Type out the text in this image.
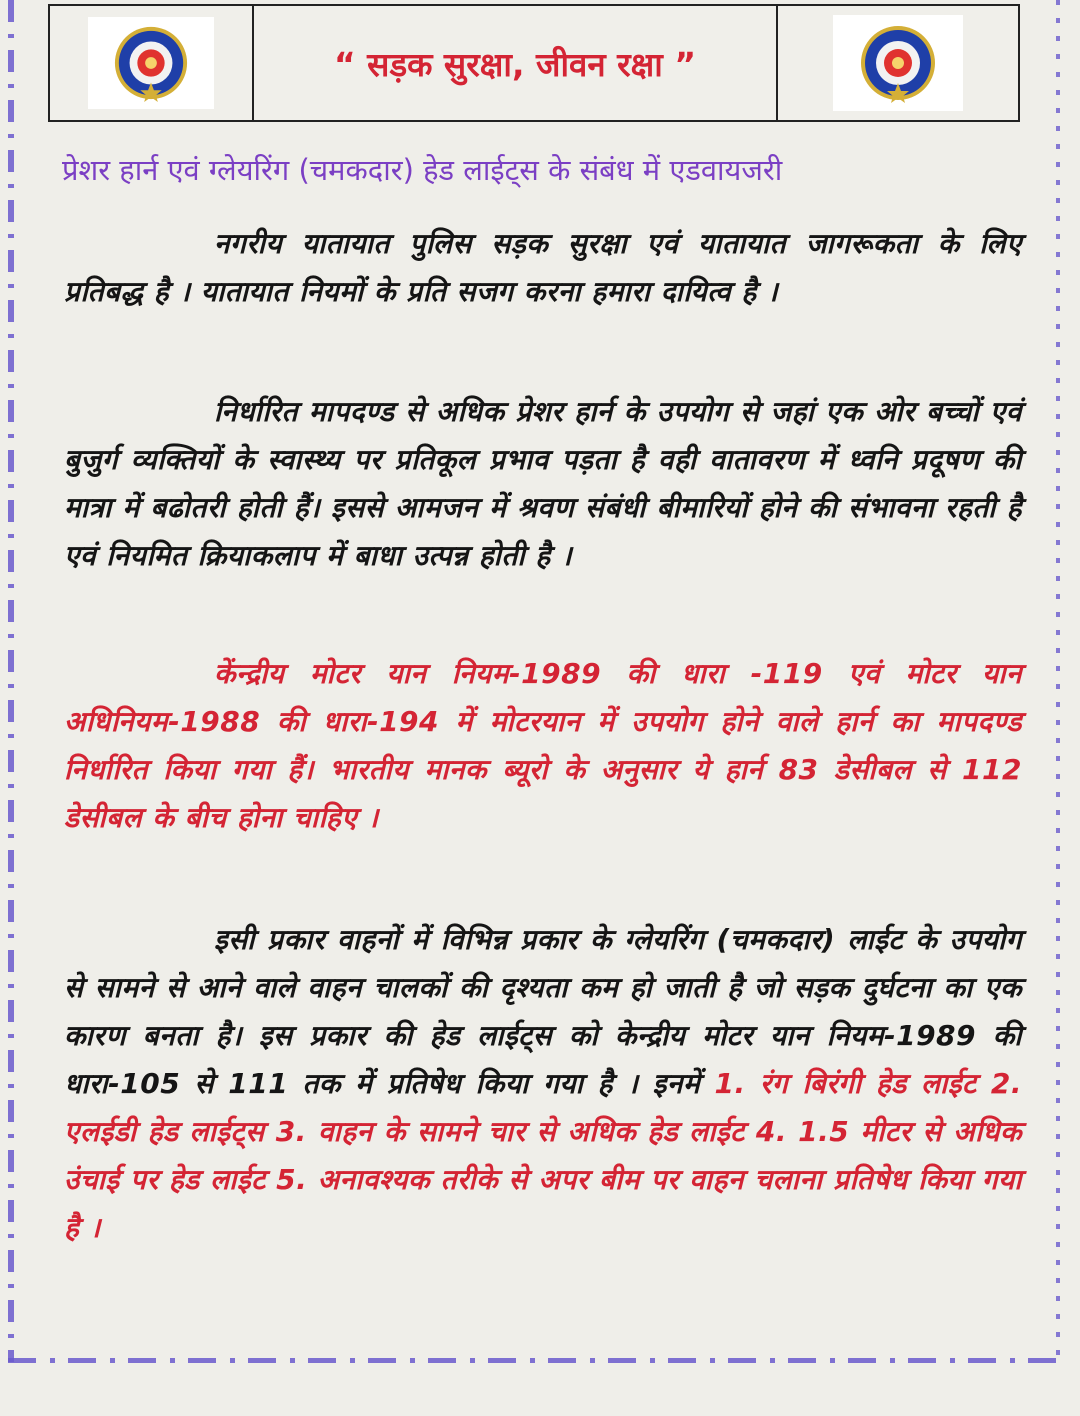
“ सड़क सुरक्षा, जीवन रक्षा ”
प्रेशर हार्न एवं ग्लेयरिंग (चमकदार) हेड लाईट्स के संबंध में एडवायजरी
नगरीय यातायात पुलिस सड़क सुरक्षा एवं यातायात जागरूकता के लिए प्रतिबद्ध है । यातायात नियमों के प्रति सजग करना हमारा दायित्व है ।
निर्धारित मापदण्ड से अधिक प्रेशर हार्न के उपयोग से जहां एक ओर बच्चों एवं बुजुर्ग व्यक्तियों के स्वास्थ्य पर प्रतिकूल प्रभाव पड़ता है वही वातावरण में ध्वनि प्रदूषण की मात्रा में बढोतरी होती हैं। इससे आमजन में श्रवण संबंधी बीमारियों होने की संभावना रहती है एवं नियमित क्रियाकलाप में बाधा उत्पन्न होती है ।
केंन्द्रीय मोटर यान नियम-1989 की धारा -119 एवं मोटर यान अधिनियम-1988 की धारा-194 में मोटरयान में उपयोग होने वाले हार्न का मापदण्ड निर्धारित किया गया हैं। भारतीय मानक ब्यूरो के अनुसार ये हार्न 83 डेसीबल से 112 डेसीबल के बीच होना चाहिए ।
इसी प्रकार वाहनों में विभिन्न प्रकार के ग्लेयरिंग (चमकदार) लाईट के उपयोग से सामने से आने वाले वाहन चालकों की दृश्यता कम हो जाती है जो सड़क दुर्घटना का एक कारण बनता है। इस प्रकार की हेड लाईट्स को केन्द्रीय मोटर यान नियम-1989 की धारा-105 से 111 तक में प्रतिषेध किया गया है । इनमें 1. रंग बिरंगी हेड लाईट 2. एलईडी हेड लाईट्स 3. वाहन के सामने चार से अधिक हेड लाईट 4. 1.5 मीटर से अधिक उंचाई पर हेड लाईट 5. अनावश्यक तरीके से अपर बीम पर वाहन चलाना प्रतिषेध किया गया है ।
